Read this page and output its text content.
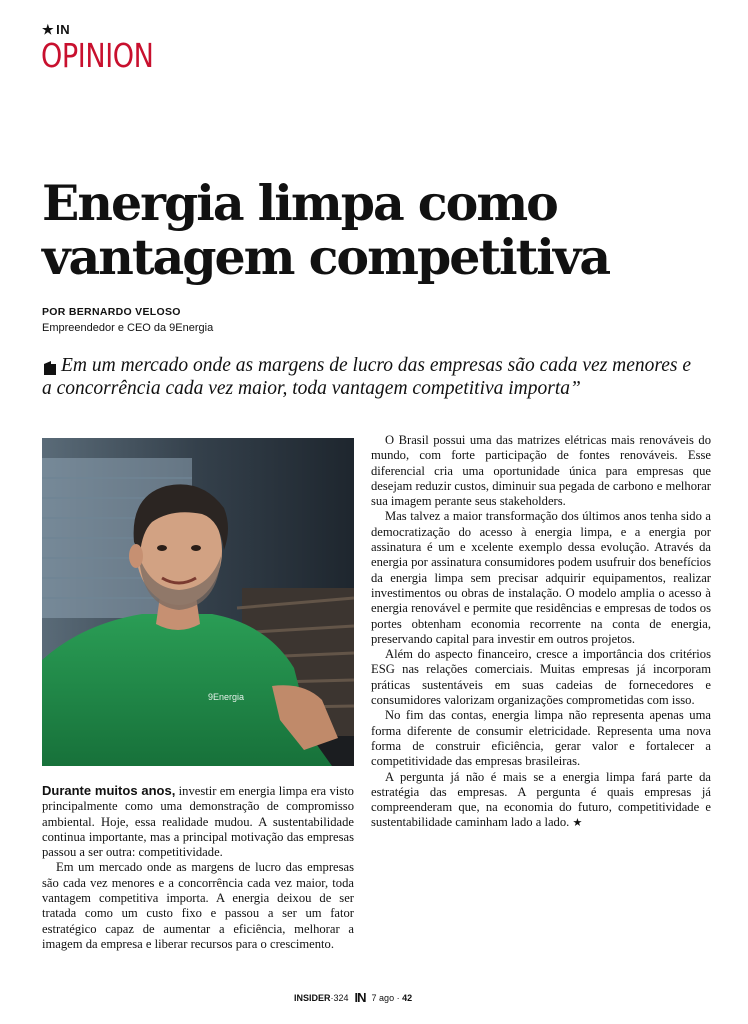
★ IN
OPINION
Energia limpa como vantagem competitiva
POR BERNARDO VELOSO
Empreendedor e CEO da 9Energia
Em um mercado onde as margens de lucro das empresas são cada vez menores e a concorrência cada vez maior, toda vantagem competitiva importa”
9Energia

Durante muitos anos, investir em energia limpa era visto principalmente como uma demonstração de compromisso ambiental. Hoje, essa realidade mudou. A sustentabilidade continua importante, mas a principal motivação das empresas passou a ser outra: competitividade.

Em um mercado onde as margens de lucro das empresas são cada vez menores e a concorrência cada vez maior, toda vantagem competitiva importa. A energia deixou de ser tratada como um custo fixo e passou a ser um fator estratégico capaz de aumentar a eficiência, melhorar a imagem da empresa e liberar recursos para o crescimento.

O Brasil possui uma das matrizes elétricas mais renováveis do mundo, com forte participação de fontes renováveis. Esse diferencial cria uma oportunidade única para empresas que desejam reduzir custos, diminuir sua pegada de carbono e melhorar sua imagem perante seus stakeholders.

Mas talvez a maior transformação dos últimos anos tenha sido a democratização do acesso à energia limpa, e a energia por assinatura é um e xcelente exemplo dessa evolução. Através da energia por assinatura consumidores podem usufruir dos benefícios da energia limpa sem precisar adquirir equipamentos, realizar investimentos ou obras de instalação. O modelo amplia o acesso à energia renovável e permite que residências e empresas de todos os portes obtenham economia recorrente na conta de energia, preservando capital para investir em outros projetos.

Além do aspecto financeiro, cresce a importância dos critérios ESG nas relações comerciais. Muitas empresas já incorporam práticas sustentáveis em suas cadeias de fornecedores e consumidores valorizam organizações comprometidas com isso.

No fim das contas, energia limpa não representa apenas uma forma diferente de consumir eletricidade. Representa uma nova forma de construir eficiência, gerar valor e fortalecer a competitividade das empresas brasileiras.

A pergunta já não é mais se a energia limpa fará parte da estratégia das empresas. A pergunta é quais empresas já compreenderam que, na economia do futuro, competitividade e sustentabilidade caminham lado a lado. ★

INSIDER·324 IN 7 ago · 42
